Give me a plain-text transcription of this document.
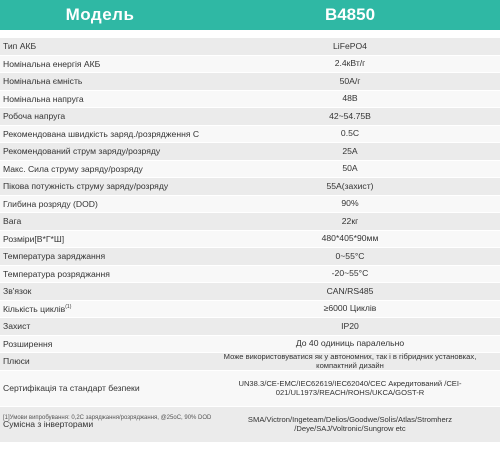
Модель	B4850
Тип АКБ	LiFePO4
Номінальна енергія АКБ	2.4кВт/г
Номінальна ємність	50А/г
Номінальна напруга	48В
Робоча напруга	42~54.75В
Рекомендована швидкість заряд./розрядження С	0.5C
Рекомендований струм заряду/розряду	25А
Макс. Сила струму заряду/розряду	50А
Пікова потужність струму заряду/розряду	55А(захист)
Глибина розряду (DOD)	90%
Вага	22кг
Розміри[В*Г*Ш]	480*405*90мм
Температура заряджання	0~55°C
Температура розряджання	-20~55°C
Зв'язок	CAN/RS485
Кількість циклів$^{(1)}$	≥6000 Циклів
Захист	IP20
Розширення	До 40 одиниць паралельно
Плюси	Може використовуватися як у автономних, так і в гібридних установках, компактний дизайн
Сертифікація та стандарт безпеки	UN38.3/CE-EMC/IEC62619/IEC62040/CEC Акредитований /CEI-021/UL1973/REACH/ROHS/UKCA/GOST-R
Сумісна з інверторами	SMA/Victron/Ingeteam/Delios/Goodwe/Solis/Atlas/Stromherz /Deye/SAJ/Voltronic/Sungrow etc
[1]Умови випробування: 0,2С заряджання/розряджання, @25оС, 90% DOD
